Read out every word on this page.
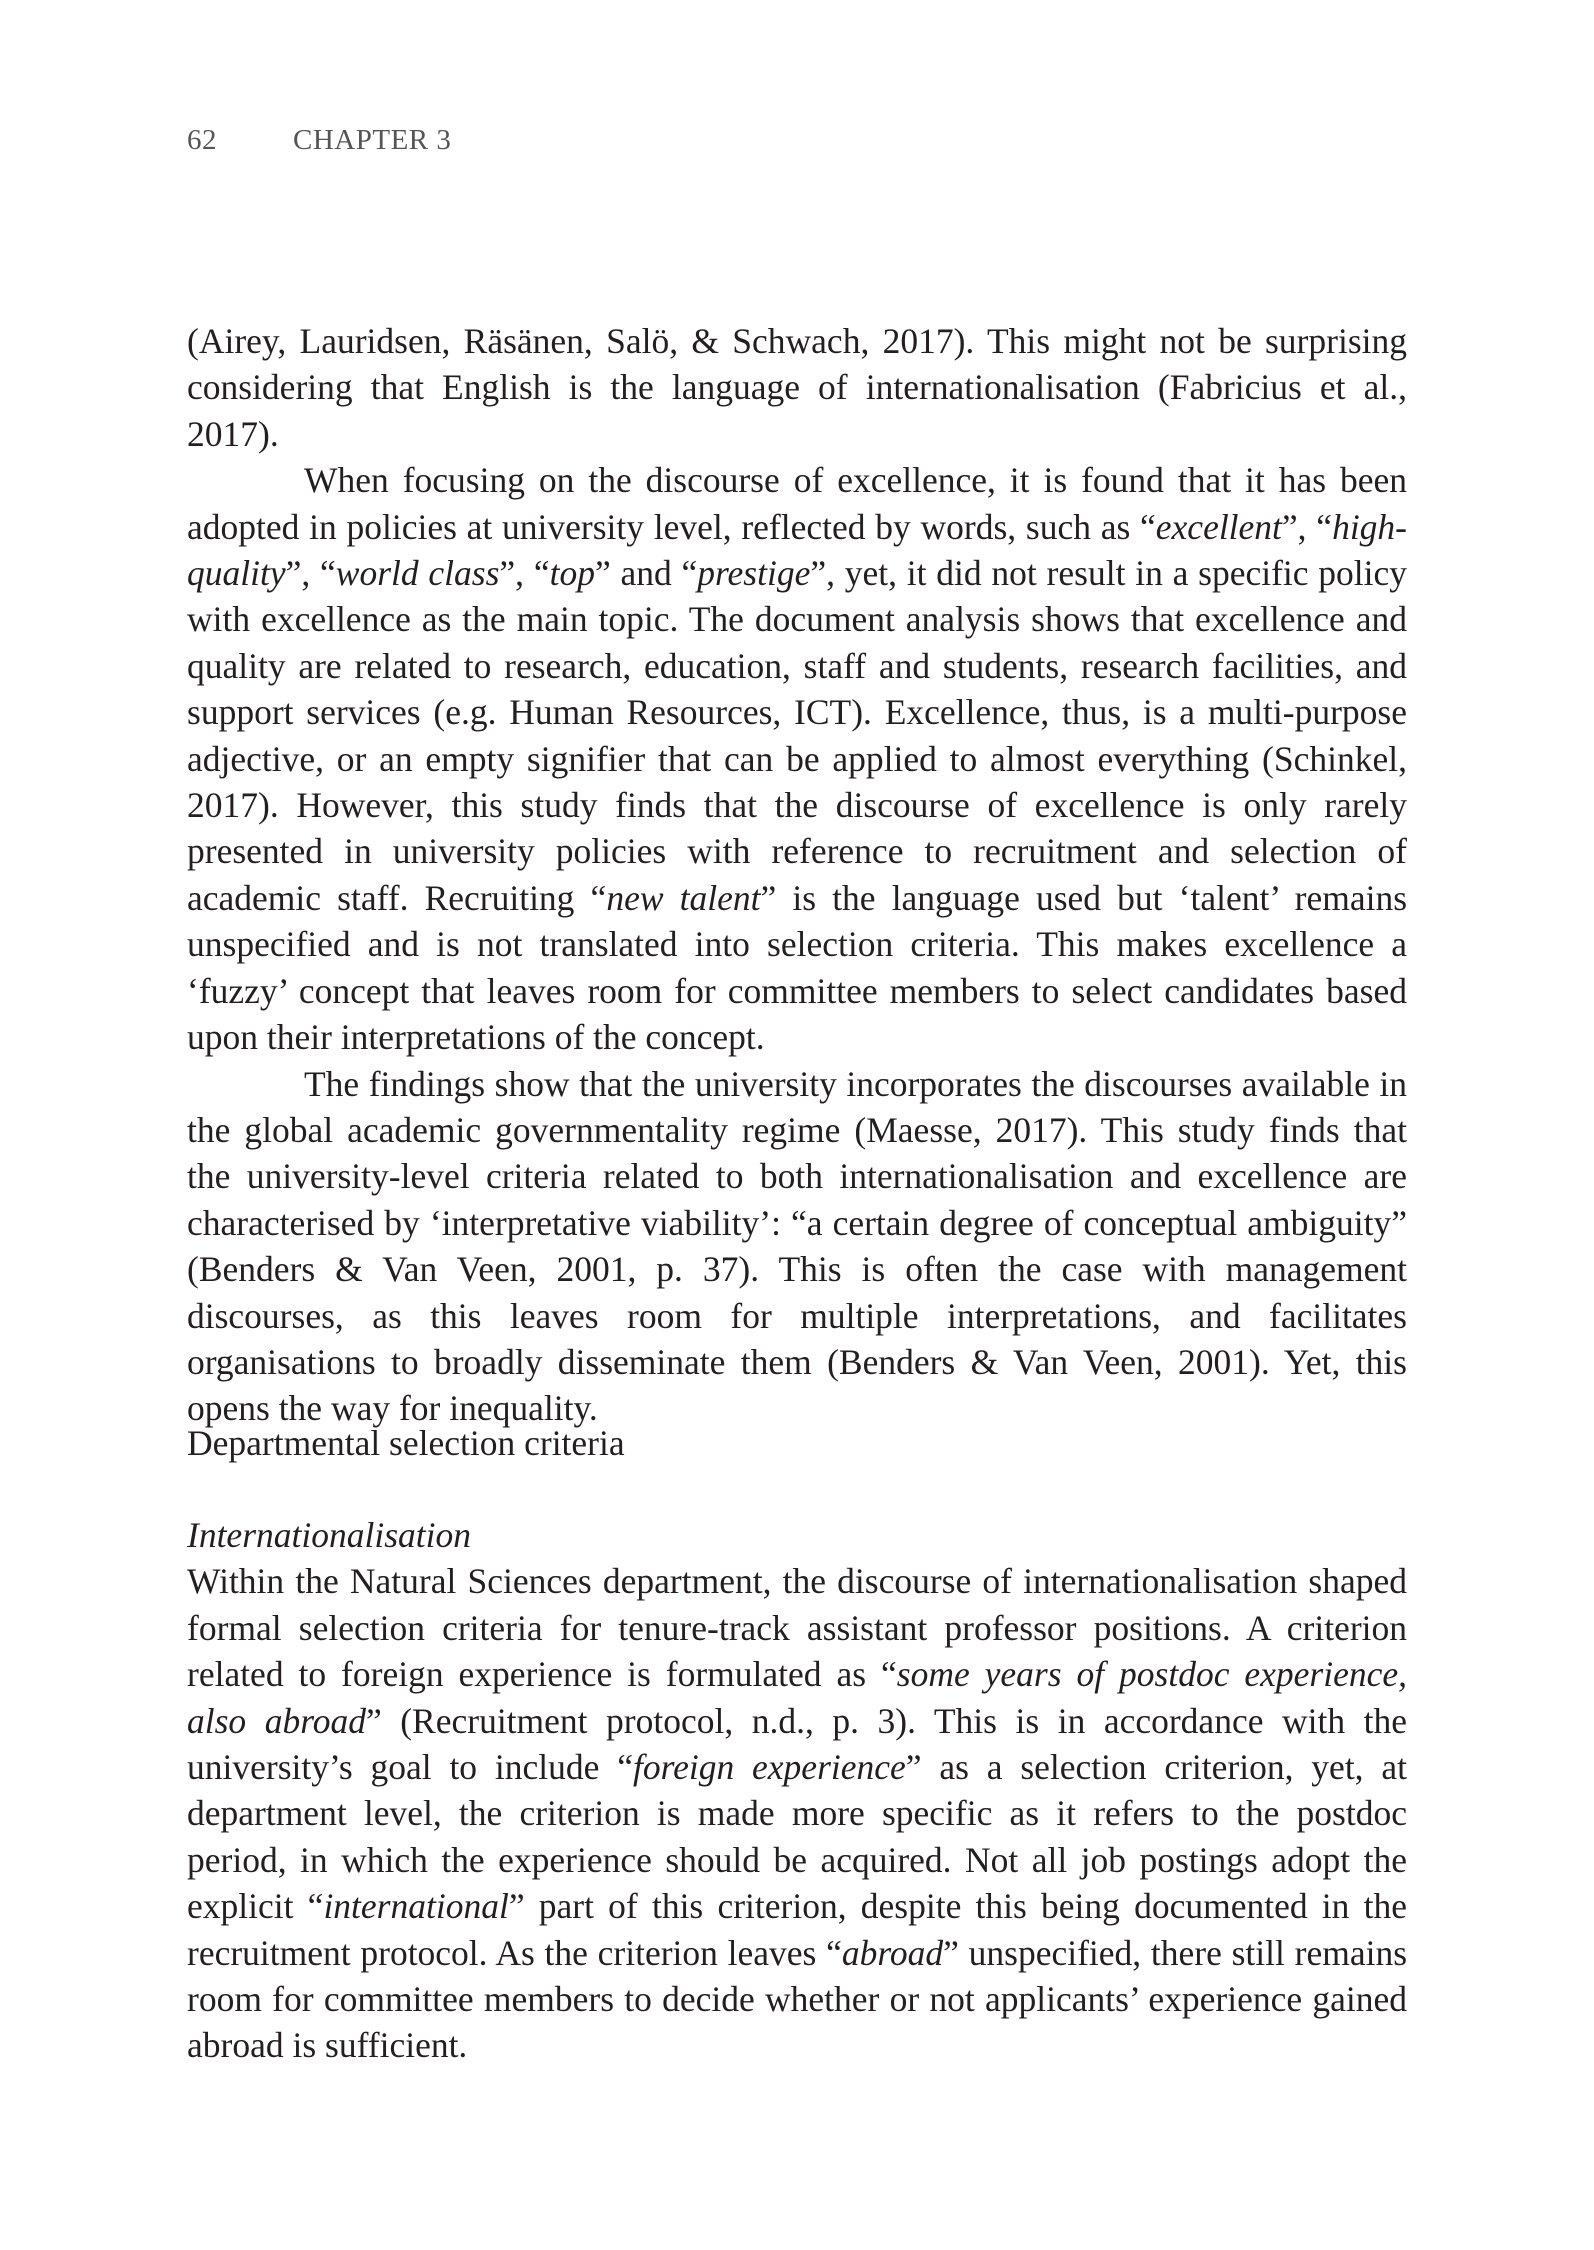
62	CHAPTER 3

(Airey, Lauridsen, Räsänen, Salö, & Schwach, 2017). This might not be surprising considering that English is the language of internationalisation (Fabricius et al., 2017).

When focusing on the discourse of excellence, it is found that it has been adopted in policies at university level, reflected by words, such as “excellent”, “high-quality”, “world class”, “top” and “prestige”, yet, it did not result in a specific policy with excellence as the main topic. The document analysis shows that excellence and quality are related to research, education, staff and students, research facilities, and support services (e.g. Human Resources, ICT). Excellence, thus, is a multi-purpose adjective, or an empty signifier that can be applied to almost everything (Schinkel, 2017). However, this study finds that the discourse of excellence is only rarely presented in university policies with reference to recruitment and selection of academic staff. Recruiting “new talent” is the language used but ‘talent’ remains unspecified and is not translated into selection criteria. This makes excellence a ‘fuzzy’ concept that leaves room for committee members to select candidates based upon their interpretations of the concept.

The findings show that the university incorporates the discourses available in the global academic governmentality regime (Maesse, 2017). This study finds that the university-level criteria related to both internationalisation and excellence are characterised by ‘interpretative viability’: “a certain degree of conceptual ambiguity” (Benders & Van Veen, 2001, p. 37). This is often the case with management discourses, as this leaves room for multiple interpretations, and facilitates organisations to broadly disseminate them (Benders & Van Veen, 2001). Yet, this opens the way for inequality.

Departmental selection criteria
Internationalisation

Within the Natural Sciences department, the discourse of internationalisation shaped formal selection criteria for tenure-track assistant professor positions. A criterion related to foreign experience is formulated as “some years of postdoc experience, also abroad” (Recruitment protocol, n.d., p. 3). This is in accordance with the university’s goal to include “foreign experience” as a selection criterion, yet, at department level, the criterion is made more specific as it refers to the postdoc period, in which the experience should be acquired. Not all job postings adopt the explicit “international” part of this criterion, despite this being documented in the recruitment protocol. As the criterion leaves “abroad” unspecified, there still remains room for committee members to decide whether or not applicants’ experience gained abroad is sufficient.
